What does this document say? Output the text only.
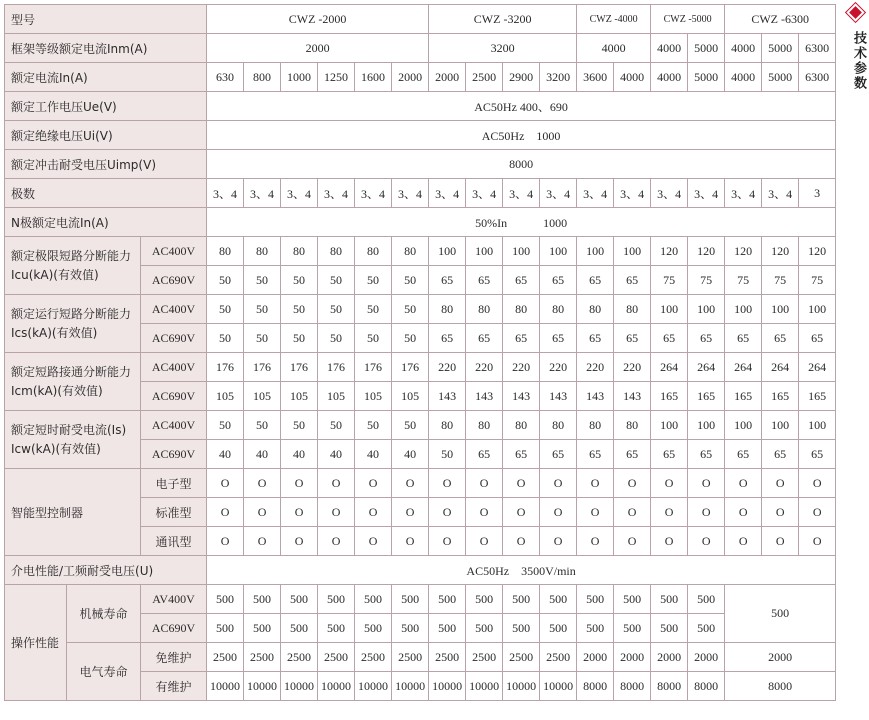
型号			CWZ -2000						CWZ -3200				CWZ -4000		CWZ -5000		CWZ -6300		
框架等级额定电流Inm(A)			2000						3200				4000		4000	5000	4000	5000	6300
额定电流In(A)			630	800	1000	1250	1600	2000	2000	2500	2900	3200	3600	4000	4000	5000	4000	5000	6300
额定工作电压Ue(V)			AC50Hz 400、690																
额定绝缘电压Ui(V)			AC50Hz　1000																
额定冲击耐受电压Uimp(V)			8000																
极数			3、4	3、4	3、4	3、4	3、4	3、4	3、4	3、4	3、4	3、4	3、4	3、4	3、4	3、4	3、4	3、4	3
N极额定电流In(A)			50%In　　　1000																
额定极限短路分断能力Icu(kA)(有效值)		AC400V	80	80	80	80	80	80	100	100	100	100	100	100	120	120	120	120	120
		AC690V	50	50	50	50	50	50	65	65	65	65	65	65	75	75	75	75	75
额定运行短路分断能力Ics(kA)(有效值)		AC400V	50	50	50	50	50	50	80	80	80	80	80	80	100	100	100	100	100
		AC690V	50	50	50	50	50	50	65	65	65	65	65	65	65	65	65	65	65
额定短路接通分断能力Icm(kA)(有效值)		AC400V	176	176	176	176	176	176	220	220	220	220	220	220	264	264	264	264	264
		AC690V	105	105	105	105	105	105	143	143	143	143	143	143	165	165	165	165	165
额定短时耐受电流(Is) Icw(kA)(有效值)		AC400V	50	50	50	50	50	50	80	80	80	80	80	80	100	100	100	100	100
		AC690V	40	40	40	40	40	40	50	65	65	65	65	65	65	65	65	65	65
智能型控制器		电子型	O	O	O	O	O	O	O	O	O	O	O	O	O	O	O	O	O
		标准型	O	O	O	O	O	O	O	O	O	O	O	O	O	O	O	O	O
		通讯型	O	O	O	O	O	O	O	O	O	O	O	O	O	O	O	O	O
介电性能/工频耐受电压(U)			AC50Hz　3500V/min																
操作性能	机械寿命	AV400V	500	500	500	500	500	500	500	500	500	500	500	500	500	500	500		
		AC690V	500	500	500	500	500	500	500	500	500	500	500	500	500	500			
	电气寿命	免维护	2500	2500	2500	2500	2500	2500	2500	2500	2500	2500	2000	2000	2000	2000	2000		
		有维护	10000	10000	10000	10000	10000	10000	10000	10000	10000	10000	8000	8000	8000	8000	8000		
技术参数
